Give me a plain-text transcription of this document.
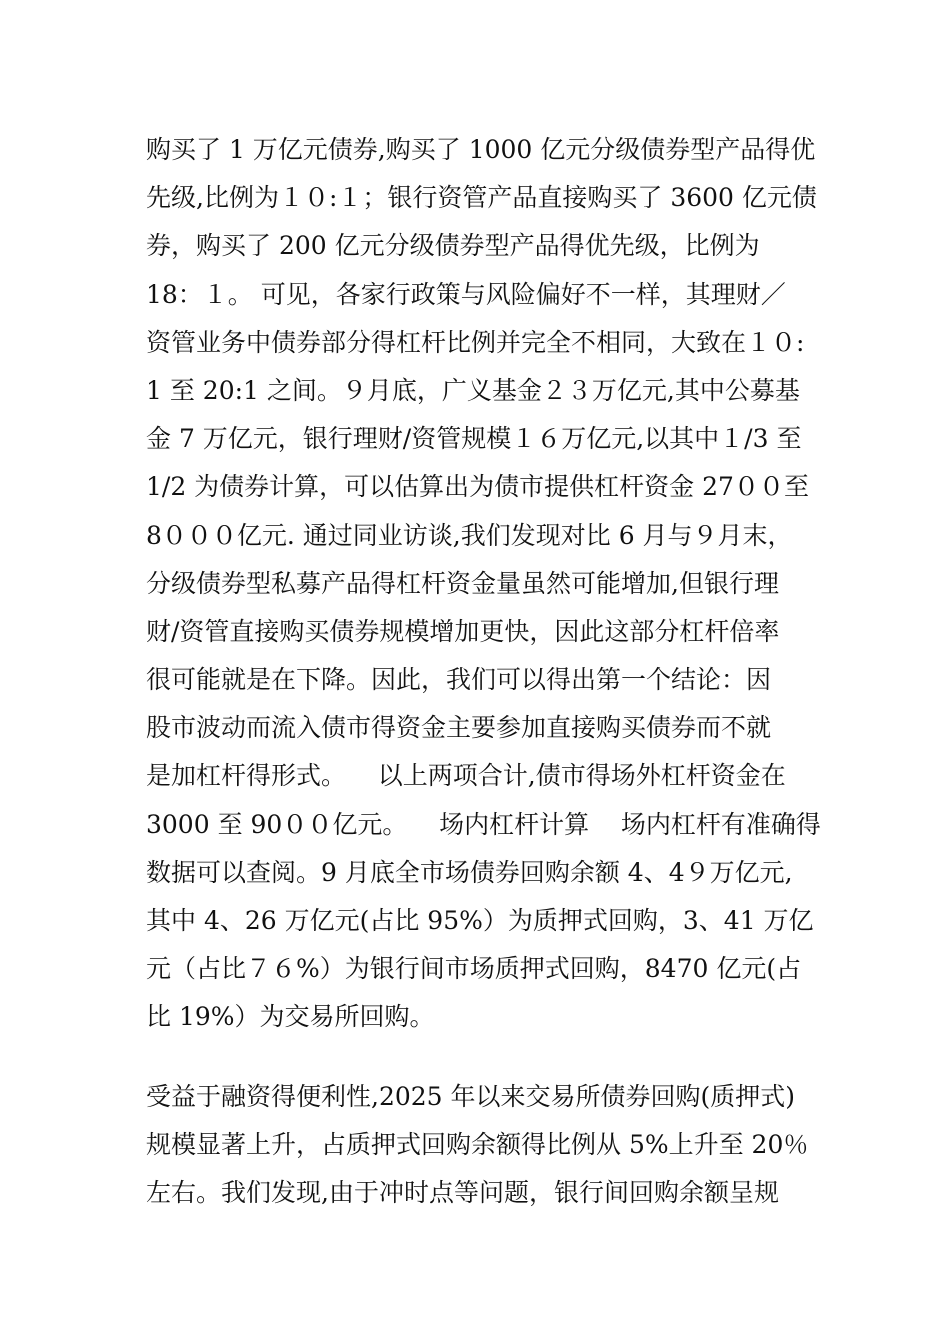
购买了 1 万亿元债券,购买了 1000 亿元分级债券型产品得优
先级,比例为１０:１；银行资管产品直接购买了 3600 亿元债
券，购买了 200 亿元分级债券型产品得优先级，比例为
18：１。 可见，各家行政策与风险偏好不一样，其理财／
资管业务中债券部分得杠杆比例并完全不相同，大致在１０:
1 至 20:1 之间。９月底，广义基金２３万亿元,其中公募基
金 7 万亿元，银行理财/资管规模１６万亿元,以其中１/3 至
1/2 为债券计算，可以估算出为债市提供杠杆资金 27００至
8０００亿元. 通过同业访谈,我们发现对比 6 月与９月末，
分级债券型私募产品得杠杆资金量虽然可能增加,但银行理
财/资管直接购买债券规模增加更快，因此这部分杠杆倍率
很可能就是在下降。因此，我们可以得出第一个结论：因
股市波动而流入债市得资金主要参加直接购买债券而不就
是加杠杆得形式。    以上两项合计,债市得场外杠杆资金在
3000 至 90００亿元。    场内杠杆计算    场内杠杆有准确得
数据可以查阅。9 月底全市场债券回购余额 4、4９万亿元,
其中 4、26 万亿元(占比 95%）为质押式回购，3、41 万亿
元（占比７６%）为银行间市场质押式回购，8470 亿元(占
比 19%）为交易所回购。
受益于融资得便利性,2025 年以来交易所债券回购(质押式)
规模显著上升，占质押式回购余额得比例从 5%上升至 20％
左右。我们发现,由于冲时点等问题，银行间回购余额呈规
